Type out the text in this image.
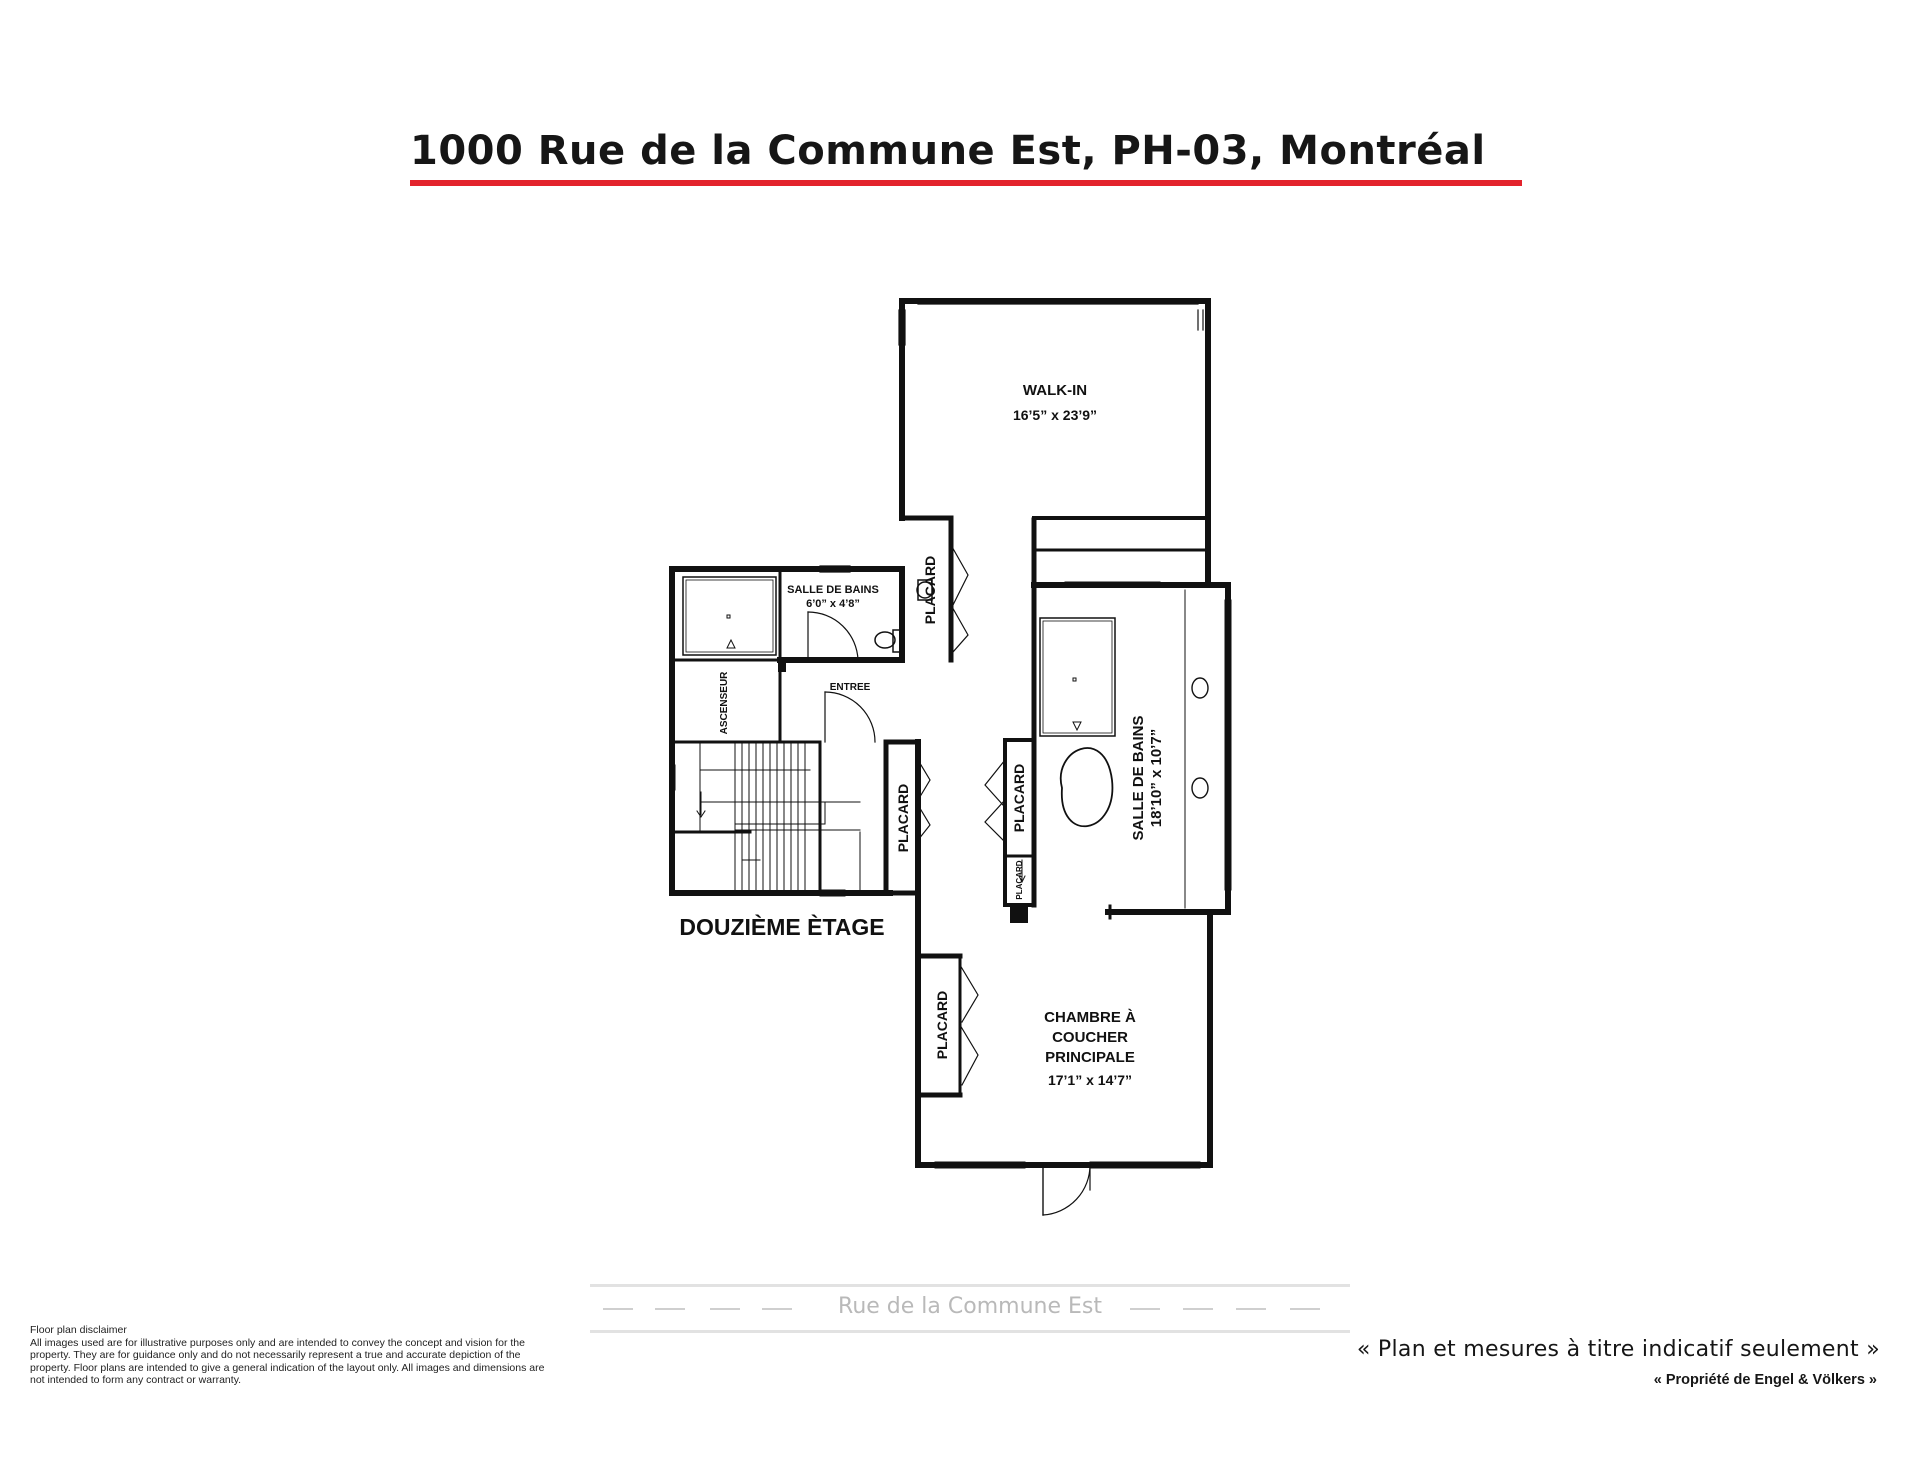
1000 Rue de la Commune Est, PH-03, Montréal
WALK-IN
16’5” x 23’9”
SALLE DE BAINS
6’0” x 4’8”
ENTREE
ASCENSEUR
PLACARD
PLACARD	PLACARD
PLACARD
PLACARD
SALLE DE BAINS 18’10” x 10’7”
CHAMBRE À
COUCHER
PRINCIPALE
17’1” x 14’7”
DOUZIÈME ÈTAGE
Rue de la Commune Est
Floor plan disclaimer
All images used are for illustrative purposes only and are intended to convey the concept and vision for the property. They are for guidance only and do not necessarily represent a true and accurate depiction of the property. Floor plans are intended to give a general indication of the layout only. All images and dimensions are not intended to form any contract or warranty.
« Plan et mesures à titre indicatif seulement »
« Propriété de Engel & Völkers »
